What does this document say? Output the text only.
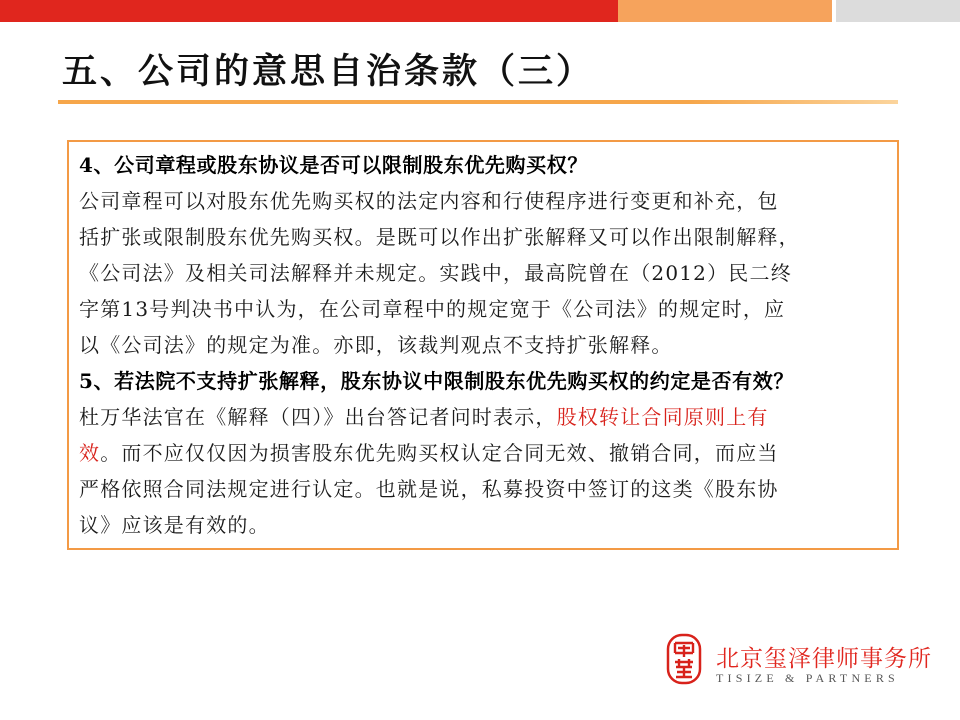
五、公司的意思自治条款（三）
4、公司章程或股东协议是否可以限制股东优先购买权？
公司章程可以对股东优先购买权的法定内容和行使程序进行变更和补充，包
括扩张或限制股东优先购买权。是既可以作出扩张解释又可以作出限制解释，
《公司法》及相关司法解释并未规定。实践中，最高院曾在（2012）民二终
字第13号判决书中认为，在公司章程中的规定宽于《公司法》的规定时，应
以《公司法》的规定为准。亦即，该裁判观点不支持扩张解释。
5、若法院不支持扩张解释，股东协议中限制股东优先购买权的约定是否有效？
杜万华法官在《解释（四）》出台答记者问时表示，股权转让合同原则上有
效。而不应仅仅因为损害股东优先购买权认定合同无效、撤销合同，而应当
严格依照合同法规定进行认定。也就是说，私募投资中签订的这类《股东协
议》应该是有效的。

北京玺泽律师事务所

TISIZE & PARTNERS
